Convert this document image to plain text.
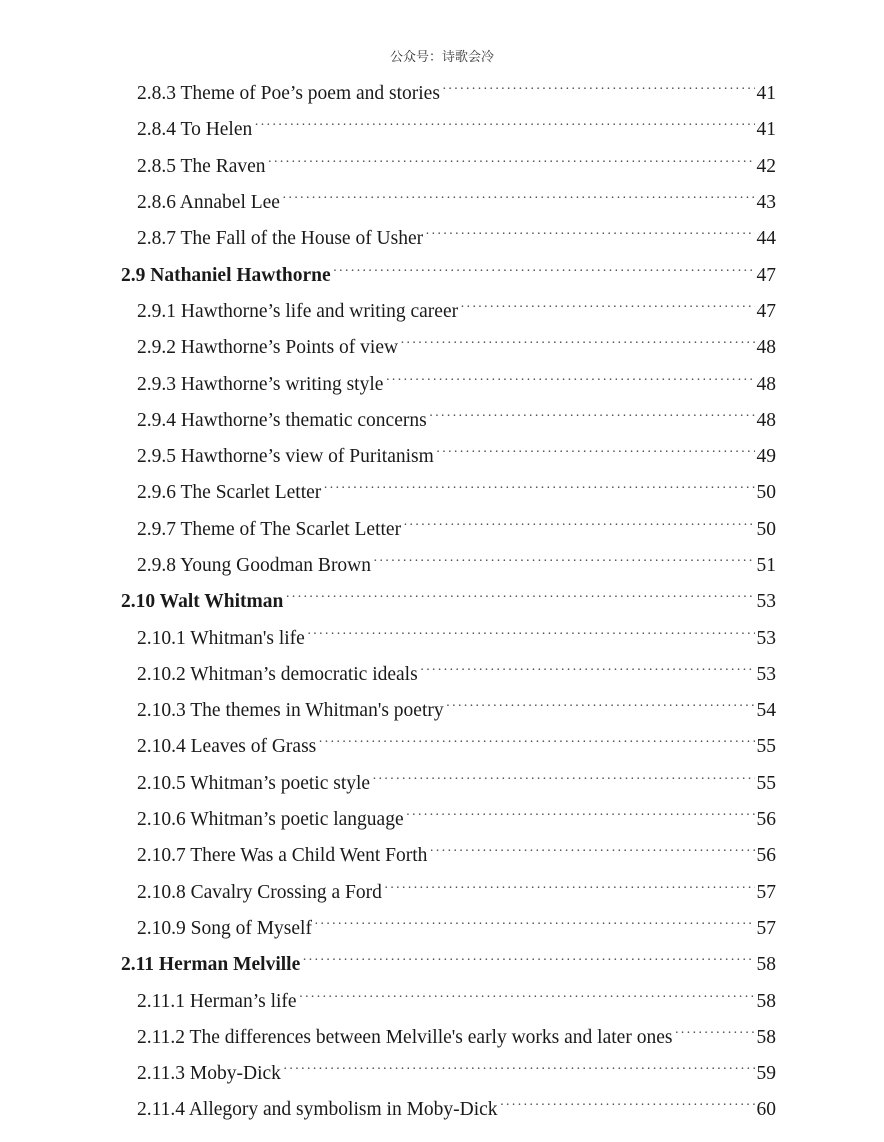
公众号：诗歌会冷
2.8.3 Theme of Poe’s poem and stories ·····	41
2.8.4 To Helen ·····	41
2.8.5 The Raven ·····	42
2.8.6 Annabel Lee ·····	43
2.8.7 The Fall of the House of Usher ·····	44
2.9 Nathaniel Hawthorne ·····	47
2.9.1 Hawthorne’s life and writing career ·····	47
2.9.2 Hawthorne’s Points of view ·····	48
2.9.3 Hawthorne’s writing style ·····	48
2.9.4 Hawthorne’s thematic concerns ·····	48
2.9.5 Hawthorne’s view of Puritanism ·····	49
2.9.6 The Scarlet Letter ·····	50
2.9.7 Theme of The Scarlet Letter ·····	50
2.9.8 Young Goodman Brown ·····	51
2.10 Walt Whitman ·····	53
2.10.1 Whitman's life ·····	53
2.10.2 Whitman’s democratic ideals ·····	53
2.10.3 The themes in Whitman's poetry ·····	54
2.10.4 Leaves of Grass ·····	55
2.10.5 Whitman’s poetic style ·····	55
2.10.6 Whitman’s poetic language ·····	56
2.10.7 There Was a Child Went Forth ·····	56
2.10.8 Cavalry Crossing a Ford ·····	57
2.10.9 Song of Myself ·····	57
2.11 Herman Melville ·····	58
2.11.1 Herman’s life ·····	58
2.11.2 The differences between Melville's early works and later ones ·····	58
2.11.3 Moby-Dick ·····	59
2.11.4 Allegory and symbolism in Moby-Dick ·····	60
